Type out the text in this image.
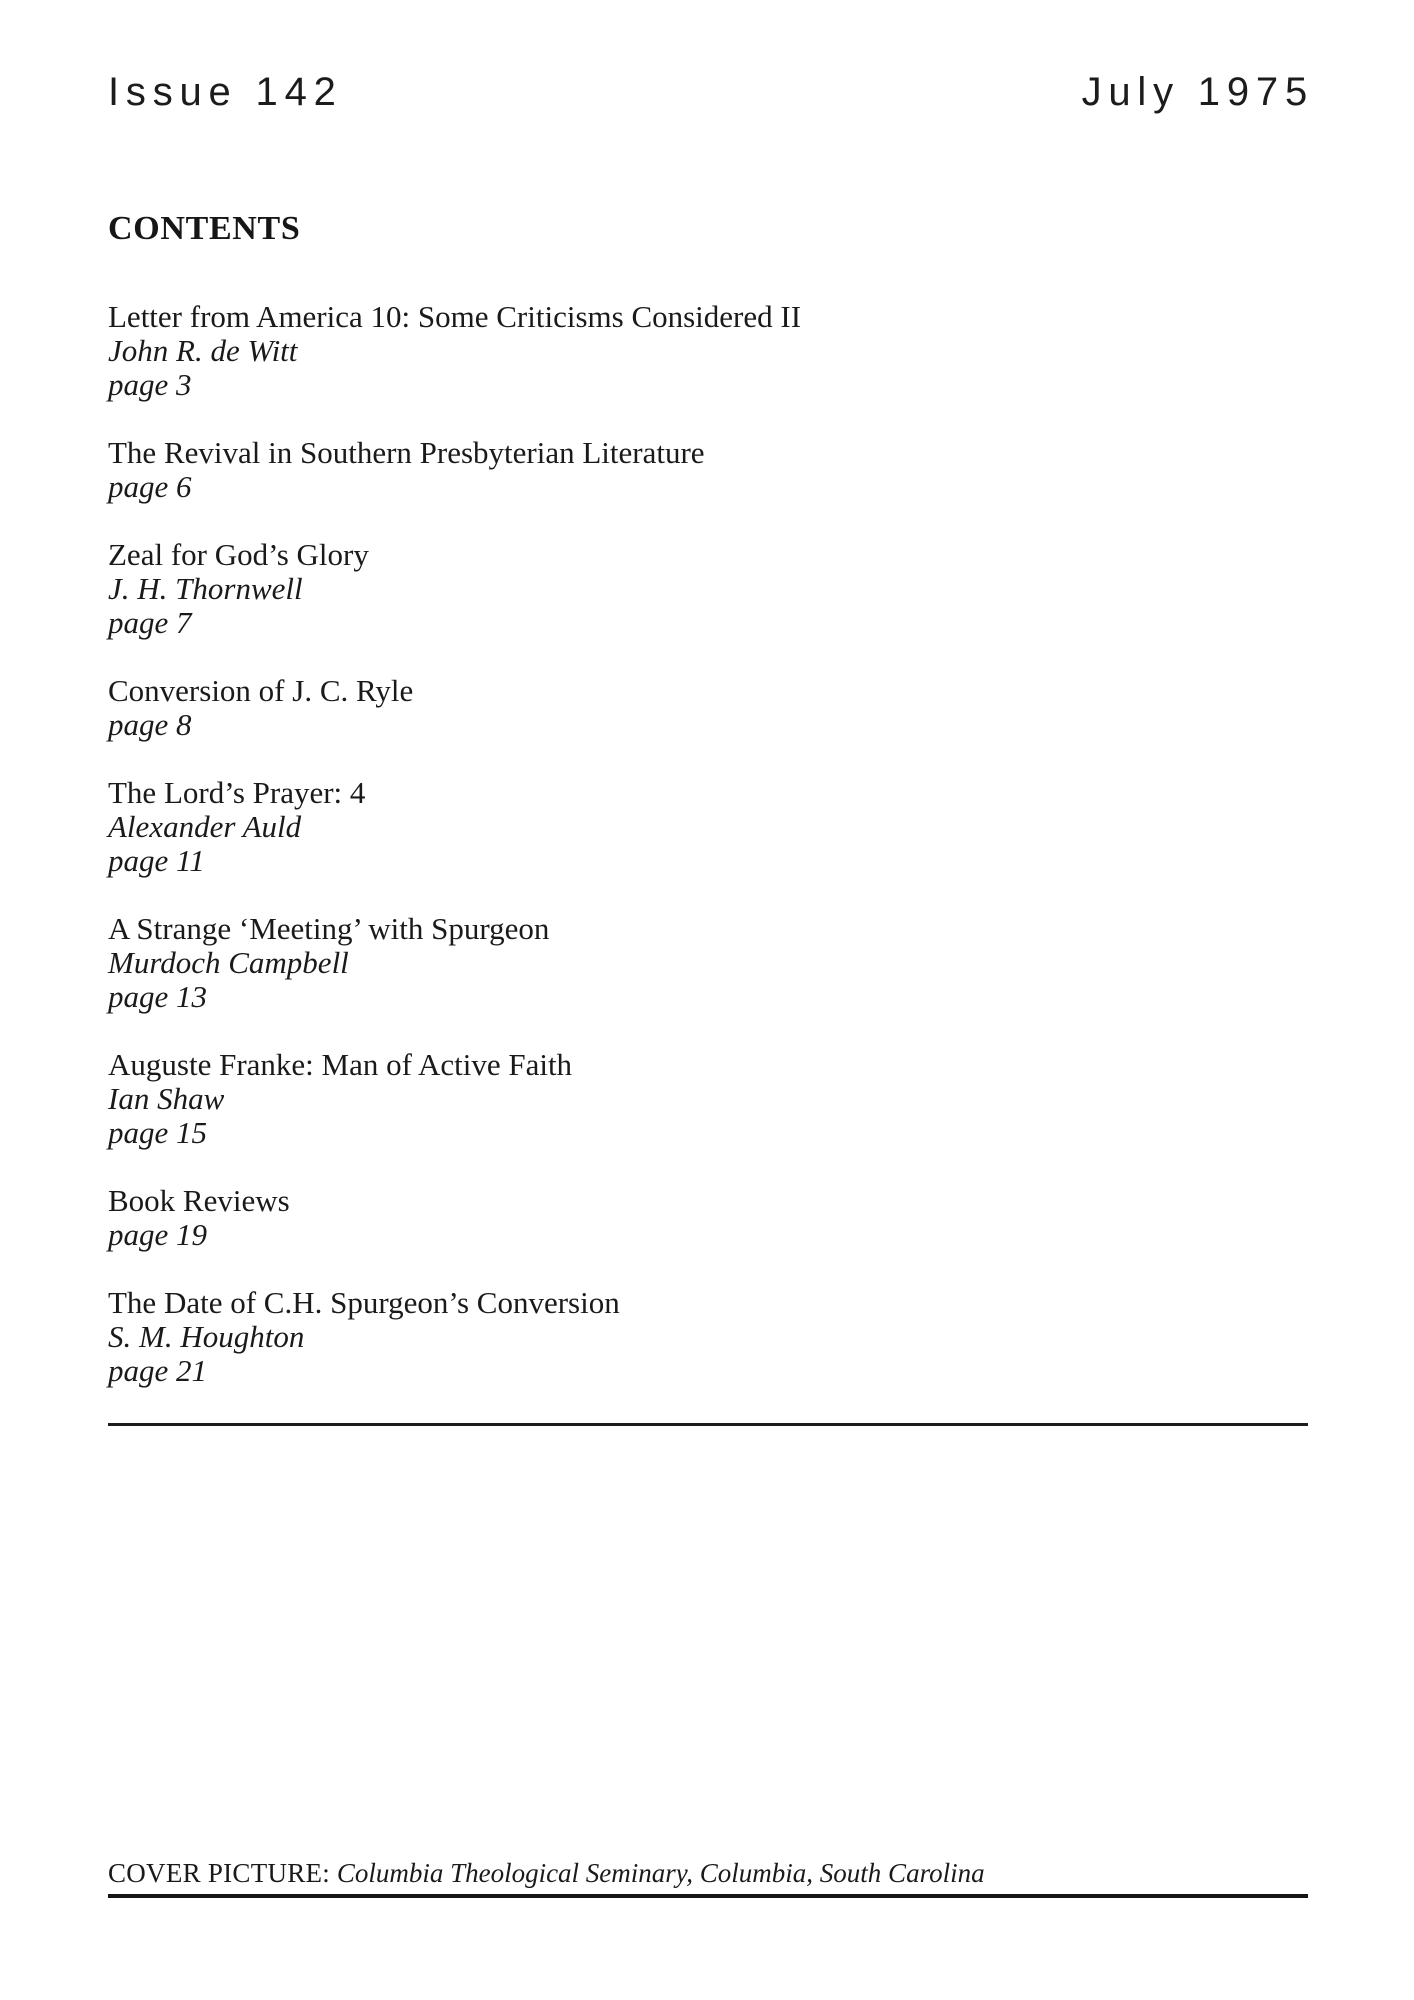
Issue 142	July 1975
CONTENTS
Letter from America 10: Some Criticisms Considered II
John R. de Witt
page 3
The Revival in Southern Presbyterian Literature
page 6
Zeal for God’s Glory
J. H. Thornwell
page 7
Conversion of J. C. Ryle
page 8
The Lord’s Prayer: 4
Alexander Auld
page 11
A Strange ‘Meeting’ with Spurgeon
Murdoch Campbell
page 13
Auguste Franke: Man of Active Faith
Ian Shaw
page 15
Book Reviews
page 19
The Date of C.H. Spurgeon’s Conversion
S. M. Houghton
page 21
COVER PICTURE: Columbia Theological Seminary, Columbia, South Carolina
